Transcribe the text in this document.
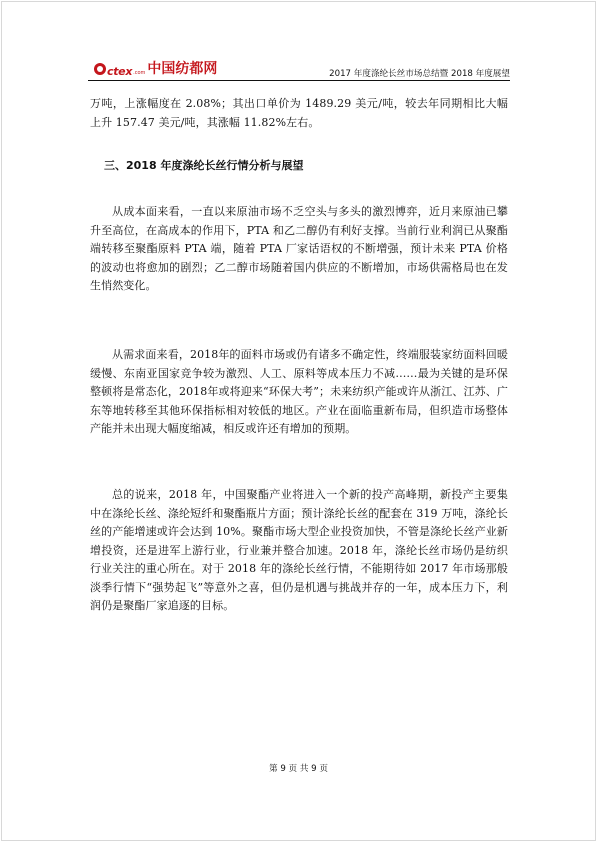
ctex .com 中国纺都网	2017 年度涤纶长丝市场总结暨 2018 年度展望

万吨，上涨幅度在 2.08%；其出口单价为 1489.29 美元/吨，较去年同期相比大幅上升 157.47 美元/吨，其涨幅 11.82%左右。

三、2018 年度涤纶长丝行情分析与展望

从成本面来看，一直以来原油市场不乏空头与多头的激烈博弈，近月来原油已攀升至高位，在高成本的作用下，PTA 和乙二醇仍有利好支撑。当前行业利润已从聚酯端转移至聚酯原料 PTA 端，随着 PTA 厂家话语权的不断增强，预计未来 PTA 价格的波动也将愈加的剧烈；乙二醇市场随着国内供应的不断增加，市场供需格局也在发生悄然变化。

从需求面来看，2018年的面料市场或仍有诸多不确定性，终端服装家纺面料回暖缓慢、东南亚国家竞争较为激烈、人工、原料等成本压力不减……最为关键的是环保整顿将是常态化，2018年或将迎来“环保大考”；未来纺织产能或许从浙江、江苏、广东等地转移至其他环保指标相对较低的地区。产业在面临重新布局，但织造市场整体产能并未出现大幅度缩减，相反或许还有增加的预期。

总的说来，2018 年，中国聚酯产业将进入一个新的投产高峰期，新投产主要集中在涤纶长丝、涤纶短纤和聚酯瓶片方面；预计涤纶长丝的配套在 319 万吨，涤纶长丝的产能增速或许会达到 10%。聚酯市场大型企业投资加快，不管是涤纶长丝产业新增投资，还是进军上游行业，行业兼并整合加速。2018 年，涤纶长丝市场仍是纺织行业关注的重心所在。对于 2018 年的涤纶长丝行情，不能期待如 2017 年市场那般淡季行情下“强势起飞”等意外之喜，但仍是机遇与挑战并存的一年，成本压力下，利润仍是聚酯厂家追逐的目标。

第 9 页 共 9 页
